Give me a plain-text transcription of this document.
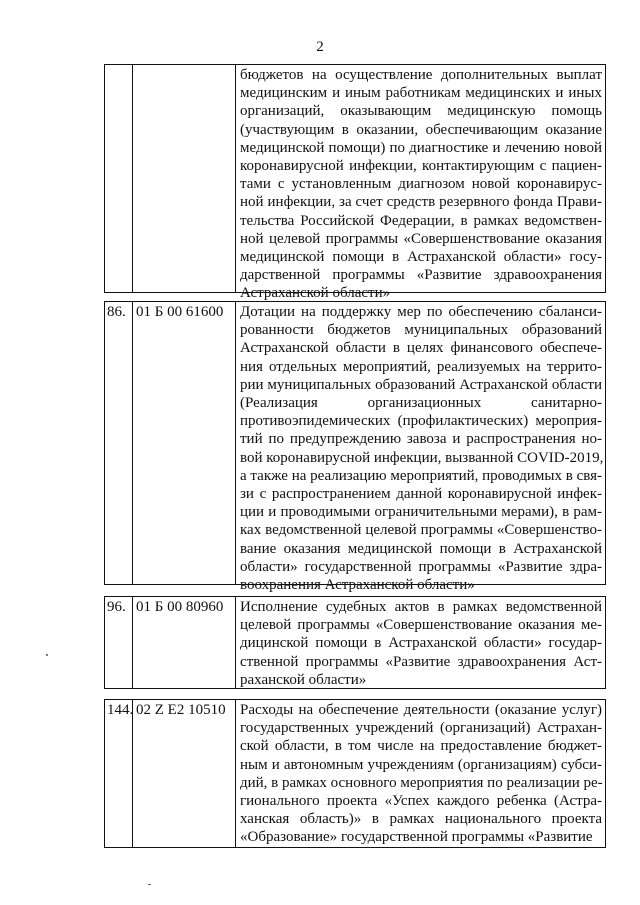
2
бюджетов на осуществление дополнительных выплат
медицинским и иным работникам медицинских и иных
организаций, оказывающим медицинскую помощь
(участвующим в оказании, обеспечивающим оказание
медицинской помощи) по диагностике и лечению новой
коронавирусной инфекции, контактирующим с пациен-
тами с установленным диагнозом новой коронавирус-
ной инфекции, за счет средств резервного фонда Прави-
тельства Российской Федерации, в рамках ведомствен-
ной целевой программы «Совершенствование оказания
медицинской помощи в Астраханской области» госу-
дарственной программы «Развитие здравоохранения
Астраханской области»
86. 01 Б 00 61600	Дотации на поддержку мер по обеспечению сбаланси-
рованности бюджетов муниципальных образований
Астраханской области в целях финансового обеспече-
ния отдельных мероприятий, реализуемых на террито-
рии муниципальных образований Астраханской области
(Реализация организационных санитарно-
противоэпидемических (профилактических) мероприя-
тий по предупреждению завоза и распространения но-
вой коронавирусной инфекции, вызванной COVID-2019,
а также на реализацию мероприятий, проводимых в свя-
зи с распространением данной коронавирусной инфек-
ции и проводимыми ограничительными мерами), в рам-
ках ведомственной целевой программы «Совершенство-
вание оказания медицинской помощи в Астраханской
области» государственной программы «Развитие здра-
воохранения Астраханской области»
96. 01 Б 00 80960	Исполнение судебных актов в рамках ведомственной
целевой программы «Совершенствование оказания ме-
дицинской помощи в Астраханской области» государ-
ственной программы «Развитие здравоохранения Аст-
раханской области»
144. 02 Z E2 10510 Расходы на обеспечение деятельности (оказание услуг)
государственных учреждений (организаций) Астрахан-
ской области, в том числе на предоставление бюджет-
ным и автономным учреждениям (организациям) субси-
дий, в рамках основного мероприятия по реализации ре-
гионального проекта «Успех каждого ребенка (Астра-
ханская область)» в рамках национального проекта
«Образование» государственной программы «Развитие
